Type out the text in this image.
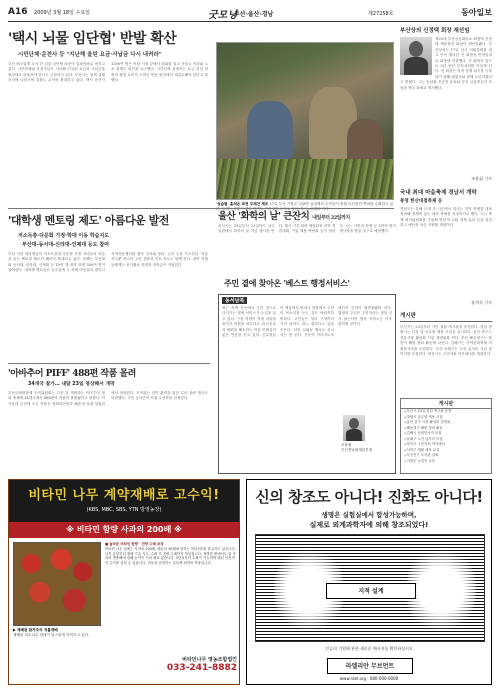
A16 2009년 3월 18일 수요일	굿모닝
부산·울산·경남	제27258호	동아일보
'택시 뇌물 임단협' 반발 확산
시민단체·운전사 등 "지난해 울린 요금·사납금 다시 내려라"
부산 택시업계 노사 간 뇌물 임단협 파문이 일파만파로 번지고 있다. 시민단체와 운전사들은 지난해 인상된 요금과 사납금을 원상태로 되돌려야 한다고 주장하고 있다. 부산시는 업계 실태조사에 나섰으며 검찰도 수사를 확대하고 있다. 택시 운전사 1200여 명은 이날 시청 앞에서 집회를 열고 사납금 인하와 노조 집행부 퇴진을 요구했다. 시민단체 관계자는 요금 인상 과정의 불법 로비가 드러난 만큼 원점에서 재검토해야 한다고 말했다.
'상습범' 훔쳐온 파전 무채건 제조 17일 부산 기장군 일광면 일대에서 주민들이 봄철 특산물인 쪽파를 수확하고 있다. 올해는 작황이 좋아 가격도 안정세를 보이고 있다. 부산=최재호 기자
부산상의 신정택 회장 재선임
제20대 부산상공회의소 회장에 신정택 세운철강 회장이 재선임됐다. 부산상의는 17일 임시 의원총회를 열고 단독 출마한 신 회장을 만장일치로 회장에 선출했다. 신 회장은 앞으로 3년 동안 부산상의를 이끌게 된다. 신 회장은 지역 경제 위기를 극복하기 위해 회원사와 함께 노력하겠다고 밝혔다. 그는 동남권 신공항 유치와 부산 금융중심지 조성을 핵심 과제로 제시했다.
조용휘 기자
국내 최대 마을축제 경남서 개막
통영 한산대첩축제 등
경남도는 올해 도내 각 시군에서 열리는 지역 축제를 대폭 정비해 경쟁력 있는 대표 축제를 육성하기로 했다. 도는 축제 평가위원회를 구성해 방문객 수와 경제 효과 등을 점검하고 예산을 차등 지원할 계획이다.
윤희각 기자
게시판
부산시는 23일부터 시민 청원 게시판을 운영한다. 경남 창원시는 다음 달 공무원 채용 시험을 실시한다. 울산 중구는 전통시장 활성화 사업 설명회를 연다. 부산 해운대구는 봄맞이 해변 정화 활동에 나선다. 김해시는 가야문화축제 자원봉사자를 모집한다. 부산 동래구는 노인 일자리 사업 참여자를 모집한다. 양산시는 주민자치 아카데미를 개설한다.
'대학생 멘토링 제도' 아름다운 발전
저소득층·다문화 가정·학대 이동 학습지도
부산대-동서대-신라대-인제대 등도 참여
부산 지역 대학생들이 저소득층과 다문화 가정 자녀들의 학습을 돕는 멘토링 제도가 해마다 확대되고 있다. 올해는 부산대와 동서대, 신라대, 인제대 등 10여 개 대학 학생 500여 명이 참여한다. 대학생 멘토들은 일주일에 두 차례 아동들의 집이나 지역아동센터를 찾아 국어와 영어, 수학 등을 가르친다. 학습지도뿐 아니라 고민 상담과 진로 지도도 함께 한다. 참여 학생들에게는 봉사활동 학점과 장학금이 지원된다.
'아바추어 PIFF' 488편 작품 몰려
34개국 참가… 내달 23일 영상해서 개막
부산국제영화제 조직위원회는 다음 달 개막하는 아마추어 영화 축제에 34개국에서 488편의 작품이 출품됐다고 밝혔다. 이 가운데 본선에 오른 작품은 영화의전당과 해운대 일대 상영관에서 상영된다. 조직위는 일반 관객을 위한 무료 관람 행사도 마련했다. 시민 심사단이 직접 수상작을 선정한다.
울산 '화학의 날' 큰잔치 내일부터 22일까지
울산시는 19일부터 22일까지 남구 일원에서 화학의 날 기념 행사를 연다. 행사 기간 화학 체험관과 과학 경진대회, 기업 채용 박람회 등이 열린다. 시는 시민과 학생 등 5만여 명이 행사장을 찾을 것으로 예상했다.
주민 곁에 찾아온 '베스트 행정서비스'
동서남북
최근 지역 곳곳에서 주민 곁으로 다가가는 행정 서비스가 눈길을 끌고 있다. 구청 직원이 직접 마을을 찾아가 민원을 처리하고, 어르신들의 불편을 해소하는 이동 민원실이 좋은 반응을 얻고 있다. 공무원들이 책상에서 벗어나 현장에서 주민의 목소리를 듣는 것은 바람직한 변화다. 주민들은 멀리 구청까지 가지 않아도 되니 편하다고 입을 모은다. 다만 일회성 행사로 끝나서는 안 된다. 꾸준히 이어지도록 예산과 인력이 뒷받침돼야 한다. 행정의 주인은 주민이라는 점을 잊지 않는다면 행정 서비스는 더욱 발전할 것이다.
조용휘
부산경남취재본부장
게시판
◇부산시 23일 청원 게시판 운영
◇창원시 공무원 채용 시험
◇울산 중구 시장 활성화 설명회
◇해운대구 해변 정화 활동
◇김해시 자원봉사자 모집
◇동래구 노인 일자리 모집
◇양산시 주민자치 아카데미
◇사하구 생활 체육 교실
◇부산진구 도서관 강좌
◇기장군 농업인 교육
비타민 나무 계약재배로 고수익!
(KBS, MBC, SBS, YTN 방영농장)
※ 비타민 함량 사과의 200배 ※
▶ 재배된 참가조의 직불재배
재배된 과수나무 열매가 탐스럽게 익어가고 있다.
■ 놀라운 비타민 함량 · 전량 수매 보장
비타민 나무 열매는 사과의 200배, 레몬의 30배에 달하는 비타민C를 함유하고 있습니다. 묘목 분양부터 재배 기술 지도, 수확 후 전량 수매까지 책임집니다. 척박한 땅에서도 잘 자라며 병충해에 강해 농약이 거의 필요 없습니다. 3년차부터 수확이 가능하며 매년 안정적인 수익을 올릴 수 있습니다. 귀농을 준비하는 분들께 최적의 작물입니다.
비타민나무 영농조합법인
033-241-8882
신의 창조도 아니다! 진화도 아니다!
생명은 실험실에서 합성가능하며,
실제로 외계과학자에 의해 창조되었다!
지적 설계
인류의 기원에 관한 새로운 메시지를 확인하십시오
라엘리안 무브먼트
www.rael.org · 080-000-0000
